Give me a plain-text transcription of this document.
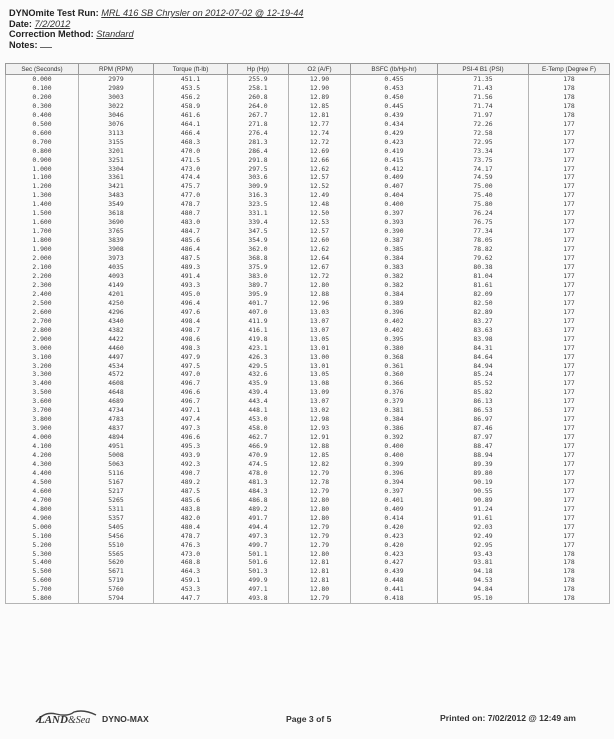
DYNOmite Test Run: MRL 416 SB Chrysler on 2012-07-02 @ 12-19-44
Date: 7/2/2012
Correction Method: Standard
Notes:
Sec (Seconds)	RPM (RPM)	Torque (ft-lb)	Hp (Hp)	O2 (A/F)	BSFC (lb/Hp-hr)	PSI-4 B1 (PSI)	E-Temp (Degree F)
0.000	2979	451.1	255.9	12.90	0.455	71.35	178
0.100	2989	453.5	258.1	12.90	0.453	71.43	178
0.200	3003	456.2	260.8	12.89	0.450	71.56	178
0.300	3022	458.9	264.0	12.85	0.445	71.74	178
0.400	3046	461.6	267.7	12.81	0.439	71.97	178
0.500	3076	464.1	271.8	12.77	0.434	72.26	177
0.600	3113	466.4	276.4	12.74	0.429	72.58	177
0.700	3155	468.3	281.3	12.72	0.423	72.95	177
0.800	3201	470.0	286.4	12.69	0.419	73.34	177
0.900	3251	471.5	291.8	12.66	0.415	73.75	177
1.000	3304	473.0	297.5	12.62	0.412	74.17	177
1.100	3361	474.4	303.6	12.57	0.409	74.59	177
1.200	3421	475.7	309.9	12.52	0.407	75.00	177
1.300	3483	477.0	316.3	12.49	0.404	75.40	177
1.400	3549	478.7	323.5	12.48	0.400	75.80	177
1.500	3618	480.7	331.1	12.50	0.397	76.24	177
1.600	3690	483.0	339.4	12.53	0.393	76.75	177
1.700	3765	484.7	347.5	12.57	0.390	77.34	177
1.800	3839	485.6	354.9	12.60	0.387	78.05	177
1.900	3908	486.4	362.0	12.62	0.385	78.82	177
2.000	3973	487.5	368.8	12.64	0.384	79.62	177
2.100	4035	489.3	375.9	12.67	0.383	80.38	177
2.200	4093	491.4	383.0	12.72	0.382	81.04	177
2.300	4149	493.3	389.7	12.80	0.382	81.61	177
2.400	4201	495.0	395.9	12.88	0.384	82.09	177
2.500	4250	496.4	401.7	12.96	0.389	82.50	177
2.600	4296	497.6	407.0	13.03	0.396	82.89	177
2.700	4340	498.4	411.9	13.07	0.402	83.27	177
2.800	4382	498.7	416.1	13.07	0.402	83.63	177
2.900	4422	498.6	419.8	13.05	0.395	83.98	177
3.000	4460	498.3	423.1	13.01	0.380	84.31	177
3.100	4497	497.9	426.3	13.00	0.368	84.64	177
3.200	4534	497.5	429.5	13.01	0.361	84.94	177
3.300	4572	497.0	432.6	13.05	0.360	85.24	177
3.400	4608	496.7	435.9	13.08	0.366	85.52	177
3.500	4648	496.6	439.4	13.09	0.376	85.82	177
3.600	4689	496.7	443.4	13.07	0.379	86.13	177
3.700	4734	497.1	448.1	13.02	0.381	86.53	177
3.800	4783	497.4	453.0	12.98	0.384	86.97	177
3.900	4837	497.3	458.0	12.93	0.386	87.46	177
4.000	4894	496.6	462.7	12.91	0.392	87.97	177
4.100	4951	495.3	466.9	12.88	0.400	88.47	177
4.200	5008	493.9	470.9	12.85	0.400	88.94	177
4.300	5063	492.3	474.5	12.82	0.399	89.39	177
4.400	5116	490.7	478.0	12.79	0.396	89.80	177
4.500	5167	489.2	481.3	12.78	0.394	90.19	177
4.600	5217	487.5	484.3	12.79	0.397	90.55	177
4.700	5265	485.6	486.8	12.80	0.401	90.89	177
4.800	5311	483.8	489.2	12.80	0.409	91.24	177
4.900	5357	482.0	491.7	12.80	0.414	91.61	177
5.000	5405	480.4	494.4	12.79	0.420	92.03	177
5.100	5456	478.7	497.3	12.79	0.423	92.49	177
5.200	5510	476.3	499.7	12.79	0.420	92.95	177
5.300	5565	473.0	501.1	12.80	0.423	93.43	178
5.400	5620	468.8	501.6	12.81	0.427	93.81	178
5.500	5671	464.3	501.3	12.81	0.439	94.18	178
5.600	5719	459.1	499.9	12.81	0.448	94.53	178
5.700	5760	453.3	497.1	12.80	0.441	94.84	178
5.800	5794	447.7	493.8	12.79	0.418	95.10	178
LAND &Sea DYNO-MAX	Page 3 of 5	Printed on: 7/02/2012 @ 12:49 am
